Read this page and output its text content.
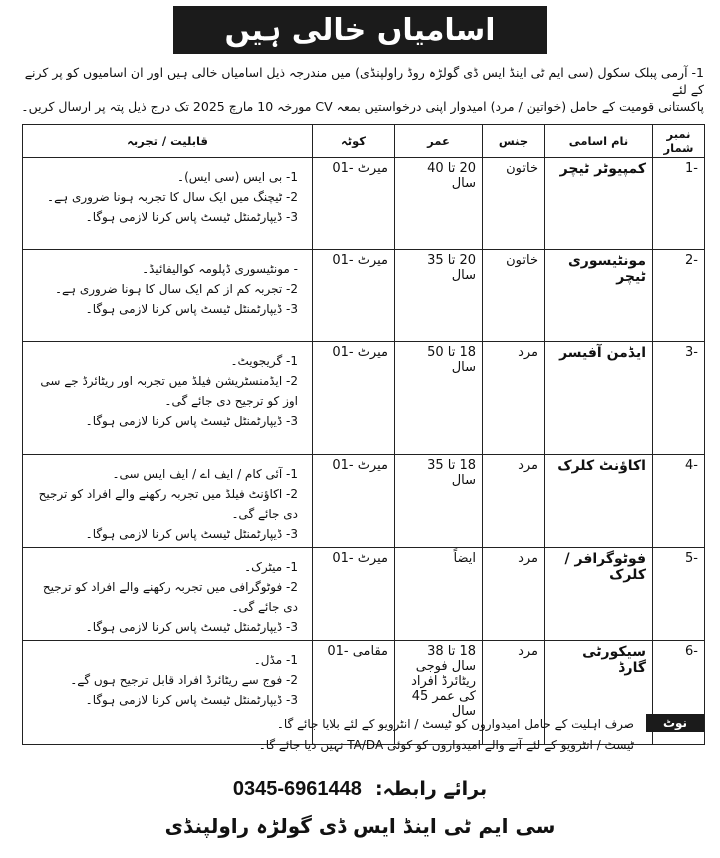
اسامیاں خالی ہیں

1- آرمی پبلک سکول (سی ایم ٹی اینڈ ایس ڈی گولڑہ روڈ راولپنڈی) میں مندرجہ ذیل اسامیاں خالی ہیں اور ان اسامیوں کو پر کرنے کے لئے

پاکستانی قومیت کے حامل (خواتین / مرد) امیدوار اپنی درخواستیں بمعہ CV مورخہ 10 مارچ 2025 تک درج ذیل پتہ پر ارسال کریں۔

نمبر شمار	نام اسامی	جنس	عمر	کوٹہ	قابلیت / تجربہ
-1	کمپیوٹر ٹیچر	خاتون	20 تا 40 سال	میرٹ -01	1- بی ایس (سی ایس)۔
2- ٹیچنگ میں ایک سال کا تجربہ ہونا ضروری ہے۔
3- ڈیپارٹمنٹل ٹیسٹ پاس کرنا لازمی ہوگا۔

-2	مونٹیسوری ٹیچر	خاتون	20 تا 35 سال	میرٹ -01	- مونٹیسوری ڈپلومہ کوالیفائیڈ۔
2- تجربہ کم از کم ایک سال کا ہونا ضروری ہے۔
3- ڈیپارٹمنٹل ٹیسٹ پاس کرنا لازمی ہوگا۔

-3	ایڈمن آفیسر	مرد	18 تا 50 سال	میرٹ -01	1- گریجویٹ۔
2- ایڈمنسٹریشن فیلڈ میں تجربہ اور ریٹائرڈ جے سی اوز کو ترجیح دی جائے گی۔
3- ڈیپارٹمنٹل ٹیسٹ پاس کرنا لازمی ہوگا۔

-4	اکاؤنٹ کلرک	مرد	18 تا 35 سال	میرٹ -01	1- آئی کام / ایف اے / ایف ایس سی۔
2- اکاؤنٹ فیلڈ میں تجربہ رکھنے والے افراد کو ترجیح دی جائے گی۔
3- ڈیپارٹمنٹل ٹیسٹ پاس کرنا لازمی ہوگا۔

-5	فوٹوگرافر / کلرک	مرد	ایضاً	میرٹ -01	1- میٹرک۔
2- فوٹوگرافی میں تجربہ رکھنے والے افراد کو ترجیح دی جائے گی۔
3- ڈیپارٹمنٹل ٹیسٹ پاس کرنا لازمی ہوگا۔

-6	سیکورٹی گارڈ	مرد	18 تا 38 سال فوجی ریٹائرڈ افراد کی عمر 45 سال	مقامی -01	1- مڈل۔
2- فوج سے ریٹائرڈ افراد قابل ترجیح ہوں گے۔
3- ڈیپارٹمنٹل ٹیسٹ پاس کرنا لازمی ہوگا۔
نوٹ
صرف اہلیت کے حامل امیدواروں کو ٹیسٹ / انٹرویو کے لئے بلایا جائے گا۔
ٹیسٹ / انٹرویو کے لئے آنے والے امیدواروں کو کوئی TA/DA نہیں دیا جائے گا۔
برائے رابطہ: 0345-6961448
سی ایم ٹی اینڈ ایس ڈی گولڑہ راولپنڈی
